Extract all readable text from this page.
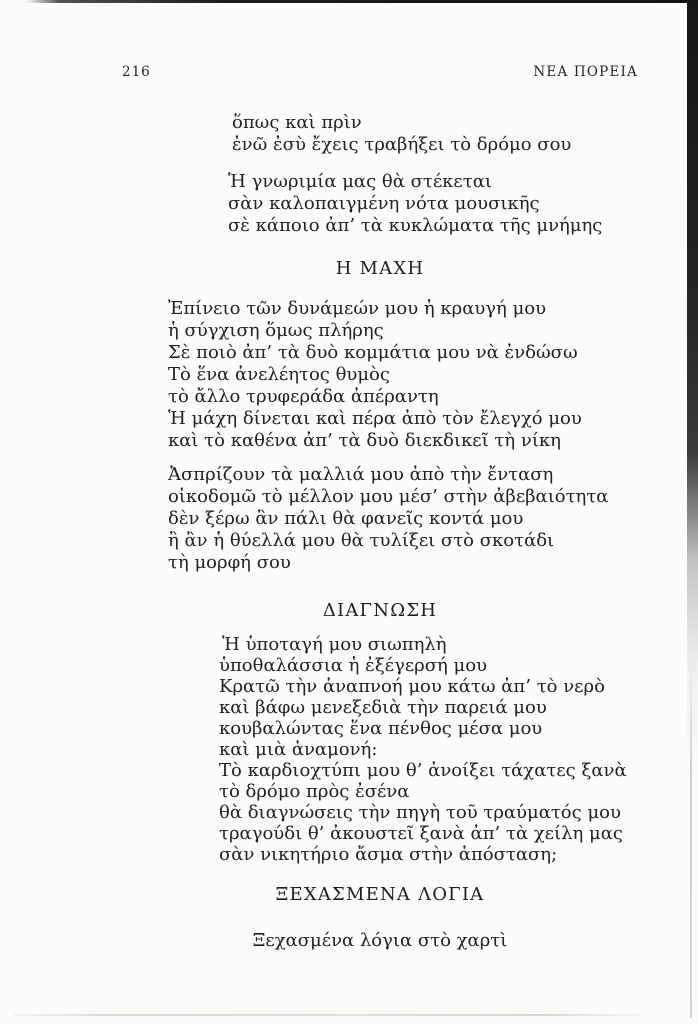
216	ΝΕΑ ΠΟΡΕΙΑ
ὅπως καὶ πρὶν
ἐνῶ ἐσὺ ἔχεις τραβήξει τὸ δρόμο σου
Ἡ γνωριμία μας θὰ στέκεται
σὰν καλοπαιγμένη νότα μουσικῆς
σὲ κάποιο ἀπ’ τὰ κυκλώματα τῆς μνήμης
Η ΜΑΧΗ
Ἐπίνειο τῶν δυνάμεών μου ἡ κραυγή μου
ἡ σύγχιση ὅμως πλήρης
Σὲ ποιὸ ἀπ’ τὰ δυὸ κομμάτια μου νὰ ἐνδώσω
Τὸ ἕνα ἀνελέητος θυμὸς
τὸ ἄλλο τρυφεράδα ἀπέραντη
Ἡ μάχη δίνεται καὶ πέρα ἀπὸ τὸν ἔλεγχό μου
καὶ τὸ καθένα ἀπ’ τὰ δυὸ διεκδικεῖ τὴ νίκη
Ἀσπρίζουν τὰ μαλλιά μου ἀπὸ τὴν ἔνταση
οἰκοδομῶ τὸ μέλλον μου μέσ’ στὴν ἀβεβαιότητα
δὲν ξέρω ἂν πάλι θὰ φανεῖς κοντά μου
ἢ ἂν ἡ θύελλά μου θὰ τυλίξει στὸ σκοτάδι
τὴ μορφή σου
ΔΙΑΓΝΩΣΗ
Ἡ ὑποταγή μου σιωπηλὴ
ὑποθαλάσσια ἡ ἐξέγερσή μου
Κρατῶ τὴν ἀναπνοή μου κάτω ἀπ’ τὸ νερὸ
καὶ βάφω μενεξεδιὰ τὴν παρειά μου
κουβαλώντας ἕνα πένθος μέσα μου
καὶ μιὰ ἀναμονή:
Τὸ καρδιοχτύπι μου θ’ ἀνοίξει τάχατες ξανὰ
τὸ δρόμο πρὸς ἐσένα
θὰ διαγνώσεις τὴν πηγὴ τοῦ τραύματός μου
τραγούδι θ’ ἀκουστεῖ ξανὰ ἀπ’ τὰ χείλη μας
σὰν νικητήριο ἄσμα στὴν ἀπόσταση;
ΞΕΧΑΣΜΕΝΑ ΛΟΓΙΑ
Ξεχασμένα λόγια στὸ χαρτὶ
